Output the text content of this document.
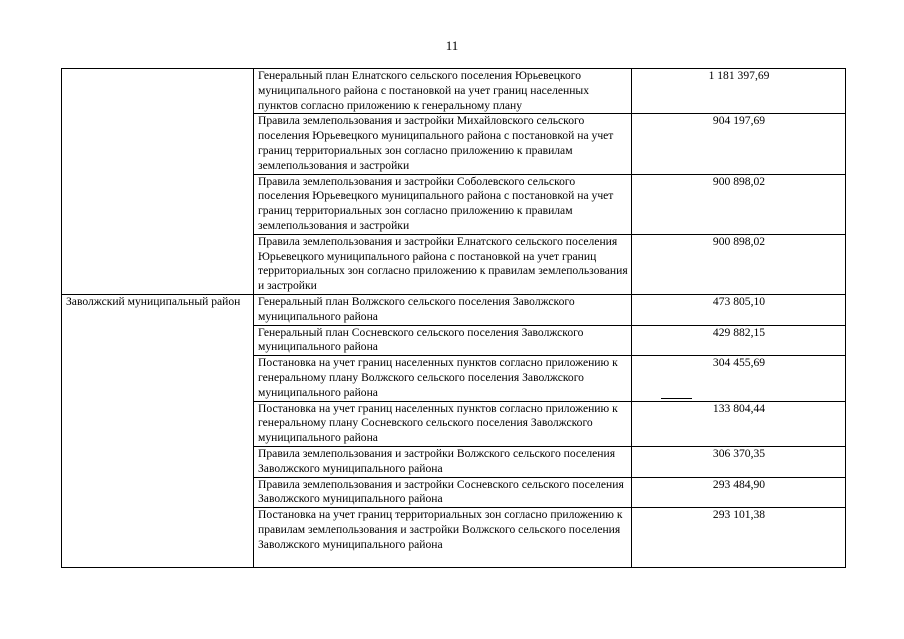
11
	Генеральный план Елнатского сельского поселения Юрьевецкого муниципального района с постановкой на учет границ населенных пунктов согласно приложению к генеральному плану	1 181 397,69
	Правила землепользования и застройки Михайловского сельского поселения Юрьевецкого муниципального района с постановкой на учет границ территориальных зон согласно приложению к правилам землепользования и застройки	904 197,69
	Правила землепользования и застройки Соболевского сельского поселения Юрьевецкого муниципального района с постановкой на учет границ территориальных зон согласно приложению к правилам землепользования и застройки	900 898,02
	Правила землепользования и застройки Елнатского сельского поселения Юрьевецкого муниципального района с постановкой на учет границ территориальных зон согласно приложению к правилам землепользования и застройки	900 898,02
Заволжский муниципальный район	Генеральный план Волжского сельского поселения Заволжского муниципального района	473 805,10
	Генеральный план Сосневского сельского поселения Заволжского муниципального района	429 882,15
	Постановка на учет границ населенных пунктов согласно приложению к генеральному плану Волжского сельского поселения Заволжского муниципального района	304 455,69
	Постановка на учет границ населенных пунктов согласно приложению к генеральному плану Сосневского сельского поселения Заволжского муниципального района	133 804,44
	Правила землепользования и застройки Волжского сельского поселения Заволжского муниципального района	306 370,35
	Правила землепользования и застройки Сосневского сельского поселения Заволжского муниципального района	293 484,90
	Постановка на учет границ территориальных зон согласно приложению к правилам землепользования и застройки Волжского сельского поселения Заволжского муниципального района	293 101,38
